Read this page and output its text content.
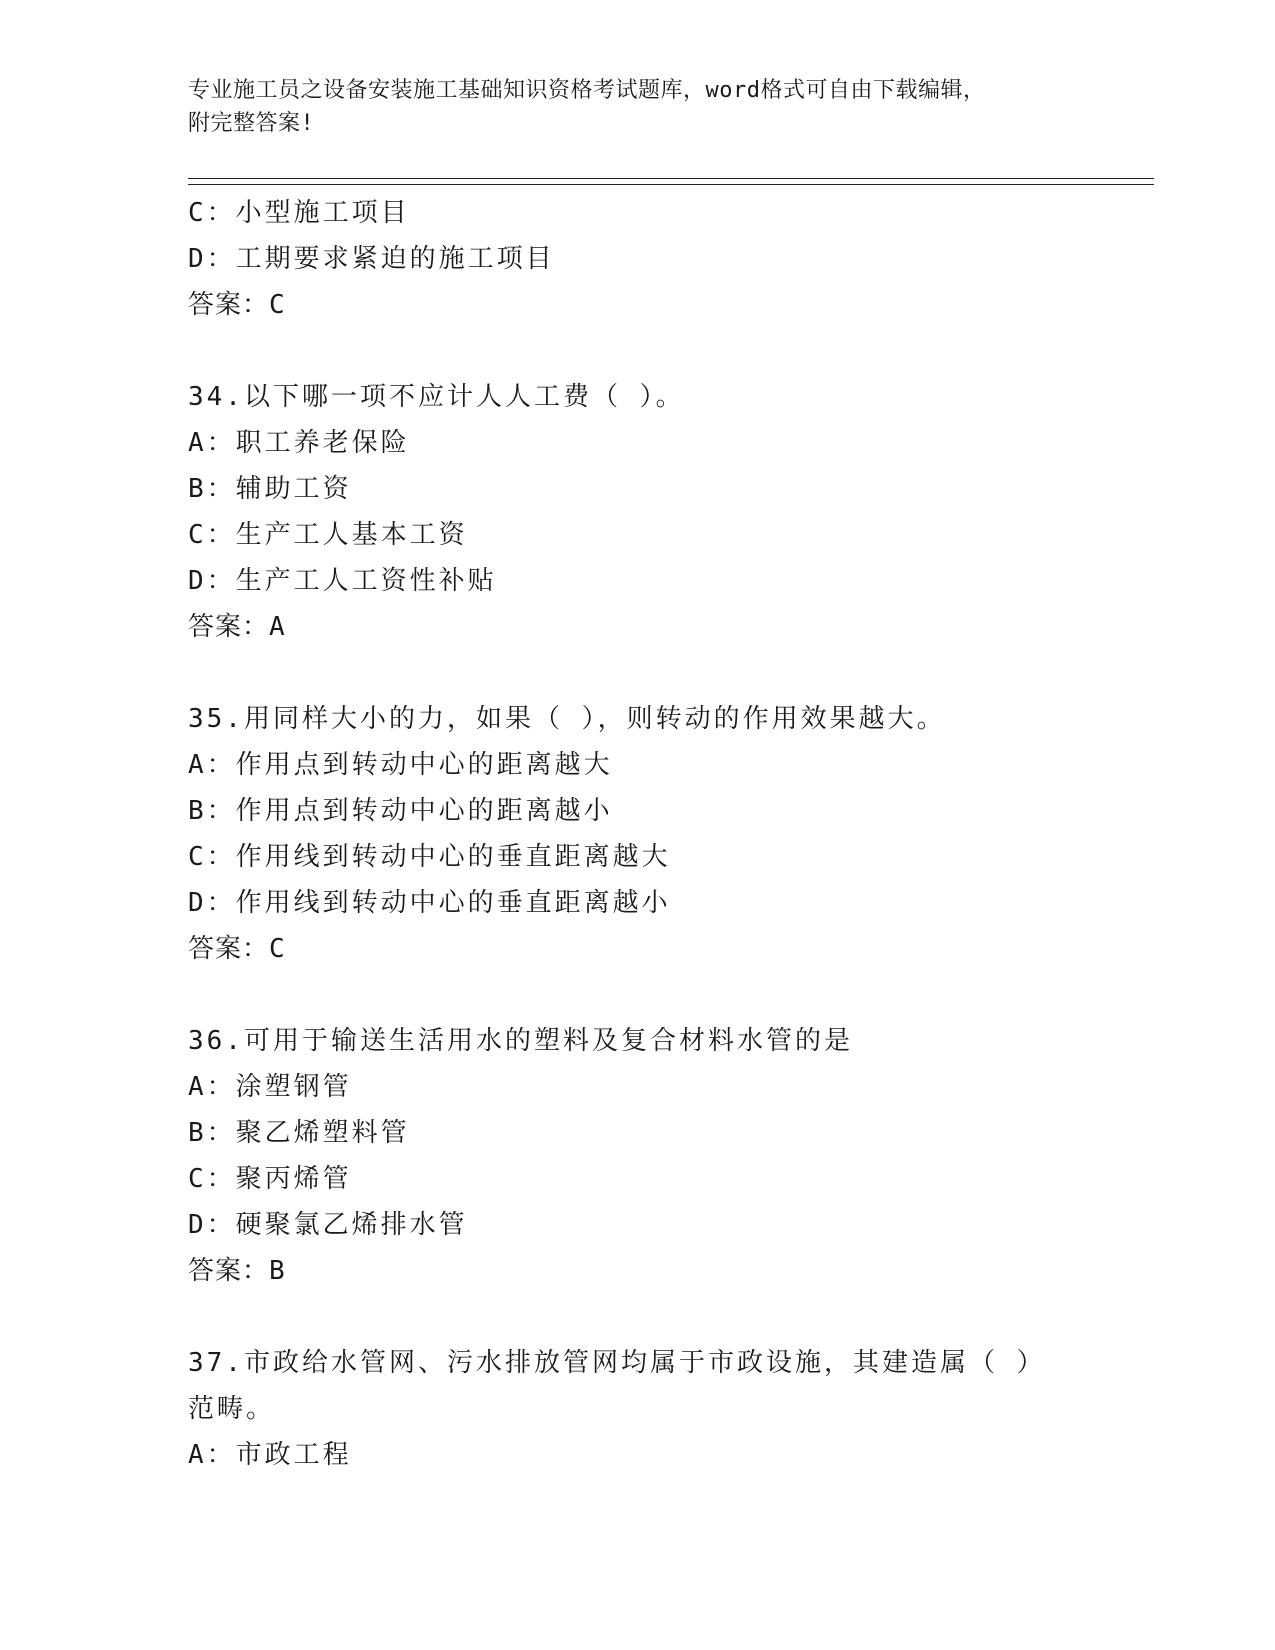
专业施工员之设备安装施工基础知识资格考试题库，word格式可自由下载编辑，
附完整答案!
C：小型施工项目
D：工期要求紧迫的施工项目
答案：C
34.以下哪一项不应计人人工费（ ）。
A：职工养老保险
B：辅助工资
C：生产工人基本工资
D：生产工人工资性补贴
答案：A
35.用同样大小的力，如果（ ），则转动的作用效果越大。
A：作用点到转动中心的距离越大
B：作用点到转动中心的距离越小
C：作用线到转动中心的垂直距离越大
D：作用线到转动中心的垂直距离越小
答案：C
36.可用于输送生活用水的塑料及复合材料水管的是
A：涂塑钢管
B：聚乙烯塑料管
C：聚丙烯管
D：硬聚氯乙烯排水管
答案：B
37.市政给水管网、污水排放管网均属于市政设施，其建造属（ ）范畴。
A：市政工程
